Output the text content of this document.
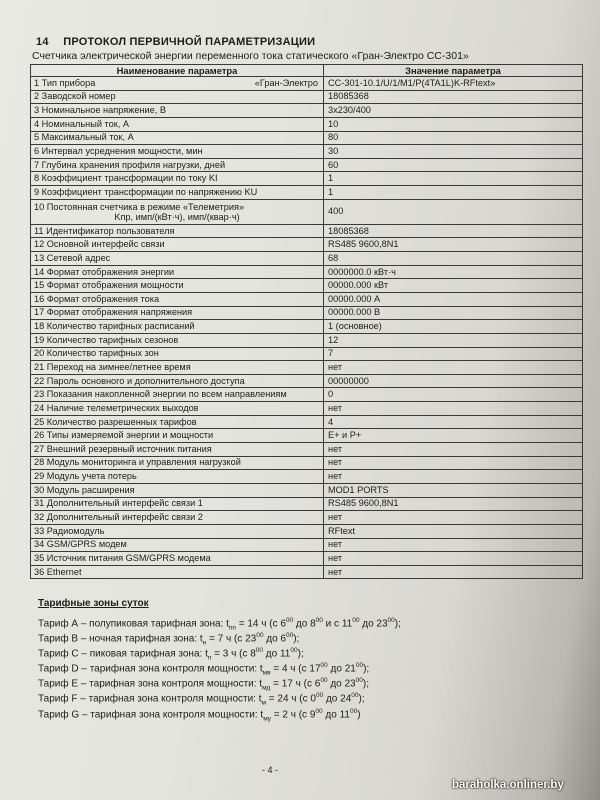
14 ПРОТОКОЛ ПЕРВИЧНОЙ ПАРАМЕТРИЗАЦИИ
Счетчика электрической энергии переменного тока статического «Гран-Электро СС-301»
Наименование параметра	Значение параметра
1 Тип прибора «Гран-Электро	СС-301-10.1/U/1/M1/P(4TA1L)K-RFtext»
2 Заводской номер	18085368
3 Номинальное напряжение, В	3х230/400
4 Номинальный ток, А	10
5 Максимальный ток, А	80
6 Интервал усреднения мощности, мин	30
7 Глубина хранения профиля нагрузки, дней	60
8 Коэффициент трансформации по току KI	1
9 Коэффициент трансформации по напряжению KU	1
10 Постоянная счетчика в режиме «Телеметрия»
Kпр, имп/(кВт·ч), имп/(квар·ч)	400
11 Идентификатор пользователя	18085368
12 Основной интерфейс связи	RS485 9600,8N1
13 Сетевой адрес	68
14 Формат отображения энергии	0000000.0 кВт·ч
15 Формат отображения мощности	00000.000 кВт
16 Формат отображения тока	00000.000 А
17 Формат отображения напряжения	00000.000 В
18 Количество тарифных расписаний	1 (основное)
19 Количество тарифных сезонов	12
20 Количество тарифных зон	7
21 Переход на зимнее/летнее время	нет
22 Пароль основного и дополнительного доступа	00000000
23 Показания накопленной энергии по всем направлениям	0
24 Наличие телеметрических выходов	нет
25 Количество разрешенных тарифов	4
26 Типы измеряемой энергии и мощности	E+ и P+
27 Внешний резервный источник питания	нет
28 Модуль мониторинга и управления нагрузкой	нет
29 Модуль учета потерь	нет
30 Модуль расширения	MOD1 PORTS
31 Дополнительный интерфейс связи 1	RS485 9600,8N1
32 Дополнительный интерфейс связи 2	нет
33 Радиомодуль	RFtext
34 GSM/GPRS модем	нет
35 Источник питания GSM/GPRS модема	нет
36 Ethernet	нет
Тарифные зоны суток
Тариф А – полупиковая тарифная зона: $t_{пп} = 14$ ч (с $6^{00}$ до $8^{00}$ и с $11^{00}$ до $23^{00}$);
Тариф В – ночная тарифная зона: $t_н = 7$ ч (с $23^{00}$ до $6^{00}$);
Тариф С – пиковая тарифная зона: $t_п = 3$ ч (с $8^{00}$ до $11^{00}$);
Тариф D – тарифная зона контроля мощности: $t_{мв} = 4$ ч (с $17^{00}$ до $21^{00}$);
Тариф Е – тарифная зона контроля мощности: $t_{мд} = 17$ ч (с $6^{00}$ до $23^{00}$);
Тариф F – тарифная зона контроля мощности: $t_м = 24$ ч (с $0^{00}$ до $24^{00}$);
Тариф G – тарифная зона контроля мощности: $t_{му} = 2$ ч (с $9^{00}$ до $11^{00}$)
- 4 -
baraholka.onliner.by
